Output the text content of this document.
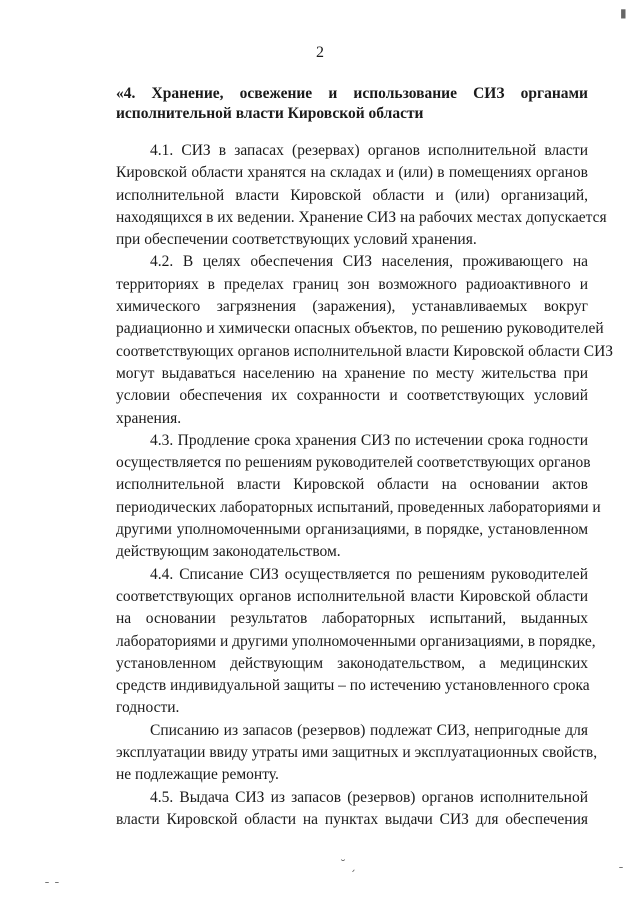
2
«4. Хранение, освежение и использование СИЗ органами
исполнительной власти Кировской области
4.1. СИЗ в запасах (резервах) органов исполнительной власти
Кировской области хранятся на складах и (или) в помещениях органов
исполнительной власти Кировской области и (или) организаций,
находящихся в их ведении. Хранение СИЗ на рабочих местах допускается
при обеспечении соответствующих условий хранения.
4.2. В целях обеспечения СИЗ населения, проживающего на
территориях в пределах границ зон возможного радиоактивного и
химического загрязнения (заражения), устанавливаемых вокруг
радиационно и химически опасных объектов, по решению руководителей
соответствующих органов исполнительной власти Кировской области СИЗ
могут выдаваться населению на хранение по месту жительства при
условии обеспечения их сохранности и соответствующих условий
хранения.
4.3. Продление срока хранения СИЗ по истечении срока годности
осуществляется по решениям руководителей соответствующих органов
исполнительной власти Кировской области на основании актов
периодических лабораторных испытаний, проведенных лабораториями и
другими уполномоченными организациями, в порядке, установленном
действующим законодательством.
4.4. Списание СИЗ осуществляется по решениям руководителей
соответствующих органов исполнительной власти Кировской области
на основании результатов лабораторных испытаний, выданных
лабораториями и другими уполномоченными организациями, в порядке,
установленном действующим законодательством, а медицинских
средств индивидуальной защиты – по истечению установленного срока
годности.
Списанию из запасов (резервов) подлежат СИЗ, непригодные для
эксплуатации ввиду утраты ими защитных и эксплуатационных свойств,
не подлежащие ремонту.
4.5. Выдача СИЗ из запасов (резервов) органов исполнительной
власти Кировской области на пунктах выдачи СИЗ для обеспечения
▮
˘ ˏ
ˍ ˍ
ˍ
